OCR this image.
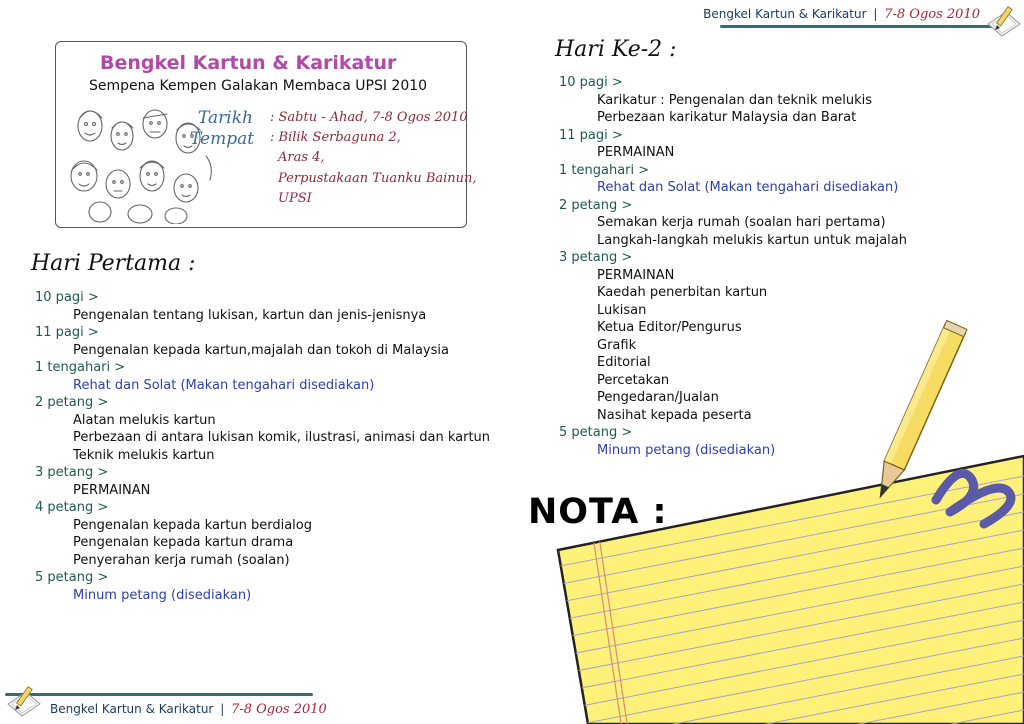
Bengkel Kartun & Karikatur | 7-8 Ogos 2010
Bengkel Kartun & Karikatur
Sempena Kempen Galakan Membaca UPSI 2010
Tarikh
Tempat
: Sabtu - Ahad, 7-8 Ogos 2010
: Bilik Serbaguna 2,
Aras 4,
Perpustakaan Tuanku Bainun,
UPSI
Hari Pertama :
10 pagi >
Pengenalan tentang lukisan, kartun dan jenis-jenisnya
11 pagi >
Pengenalan kepada kartun,majalah dan tokoh di Malaysia
1 tengahari >
Rehat dan Solat (Makan tengahari disediakan)
2 petang >
Alatan melukis kartun
Perbezaan di antara lukisan komik, ilustrasi, animasi dan kartun
Teknik melukis kartun
3 petang >
PERMAINAN
4 petang >
Pengenalan kepada kartun berdialog
Pengenalan kepada kartun drama
Penyerahan kerja rumah (soalan)
5 petang >
Minum petang (disediakan)
Hari Ke-2 :
10 pagi >
Karikatur : Pengenalan dan teknik melukis
Perbezaan karikatur Malaysia dan Barat
11 pagi >
PERMAINAN
1 tengahari >
Rehat dan Solat (Makan tengahari disediakan)
2 petang >
Semakan kerja rumah (soalan hari pertama)
Langkah-langkah melukis kartun untuk majalah
3 petang >
PERMAINAN
Kaedah penerbitan kartun
Lukisan
Ketua Editor/Pengurus
Grafik
Editorial
Percetakan
Pengedaran/Jualan
Nasihat kepada peserta
5 petang >
Minum petang (disediakan)
NOTA :
Bengkel Kartun & Karikatur | 7-8 Ogos 2010
